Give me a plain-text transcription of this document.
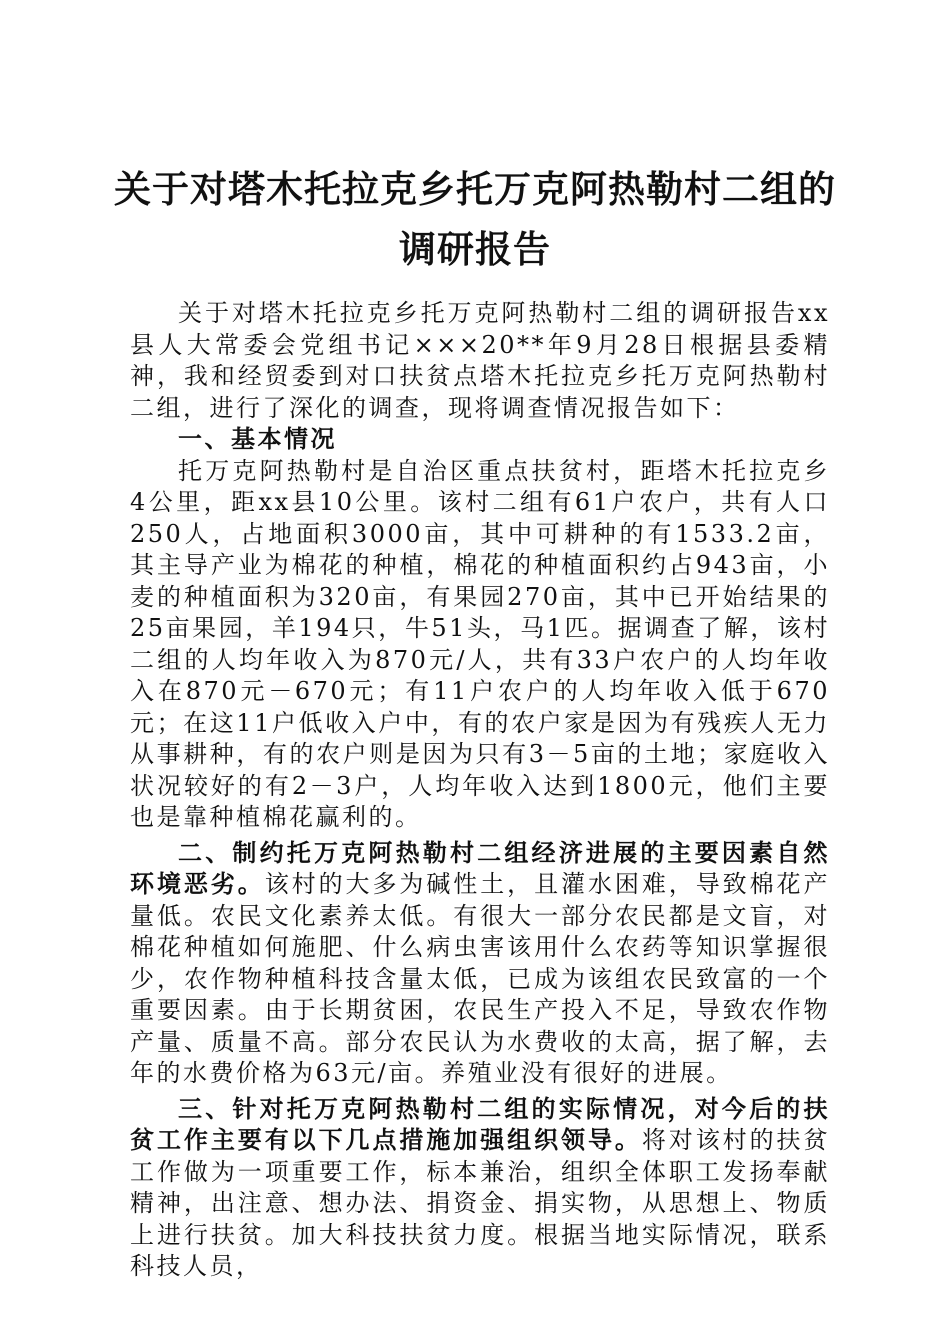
关于对塔木托拉克乡托万克阿热勒村二组的调研报告

关于对塔木托拉克乡托万克阿热勒村二组的调研报告xx县人大常委会党组书记×××20**年9月28日根据县委精神，我和经贸委到对口扶贫点塔木托拉克乡托万克阿热勒村二组，进行了深化的调查，现将调查情况报告如下：

一、基本情况

托万克阿热勒村是自治区重点扶贫村，距塔木托拉克乡4公里，距xx县10公里。该村二组有61户农户，共有人口250人，占地面积3000亩，其中可耕种的有1533.2亩，其主导产业为棉花的种植，棉花的种植面积约占943亩，小麦的种植面积为320亩，有果园270亩，其中已开始结果的25亩果园，羊194只，牛51头，马1匹。据调查了解，该村二组的人均年收入为870元/人，共有33户农户的人均年收入在870元－670元；有11户农户的人均年收入低于670元；在这11户低收入户中，有的农户家是因为有残疾人无力从事耕种，有的农户则是因为只有3－5亩的土地；家庭收入状况较好的有2－3户，人均年收入达到1800元，他们主要也是靠种植棉花赢利的。

二、制约托万克阿热勒村二组经济进展的主要因素自然环境恶劣。该村的大多为碱性土，且灌水困难，导致棉花产量低。农民文化素养太低。有很大一部分农民都是文盲，对棉花种植如何施肥、什么病虫害该用什么农药等知识掌握很少，农作物种植科技含量太低，已成为该组农民致富的一个重要因素。由于长期贫困，农民生产投入不足，导致农作物产量、质量不高。部分农民认为水费收的太高，据了解，去年的水费价格为63元/亩。养殖业没有很好的进展。

三、针对托万克阿热勒村二组的实际情况，对今后的扶贫工作主要有以下几点措施加强组织领导。将对该村的扶贫工作做为一项重要工作，标本兼治，组织全体职工发扬奉献精神，出注意、想办法、捐资金、捐实物，从思想上、物质上进行扶贫。加大科技扶贫力度。根据当地实际情况，联系科技人员，
